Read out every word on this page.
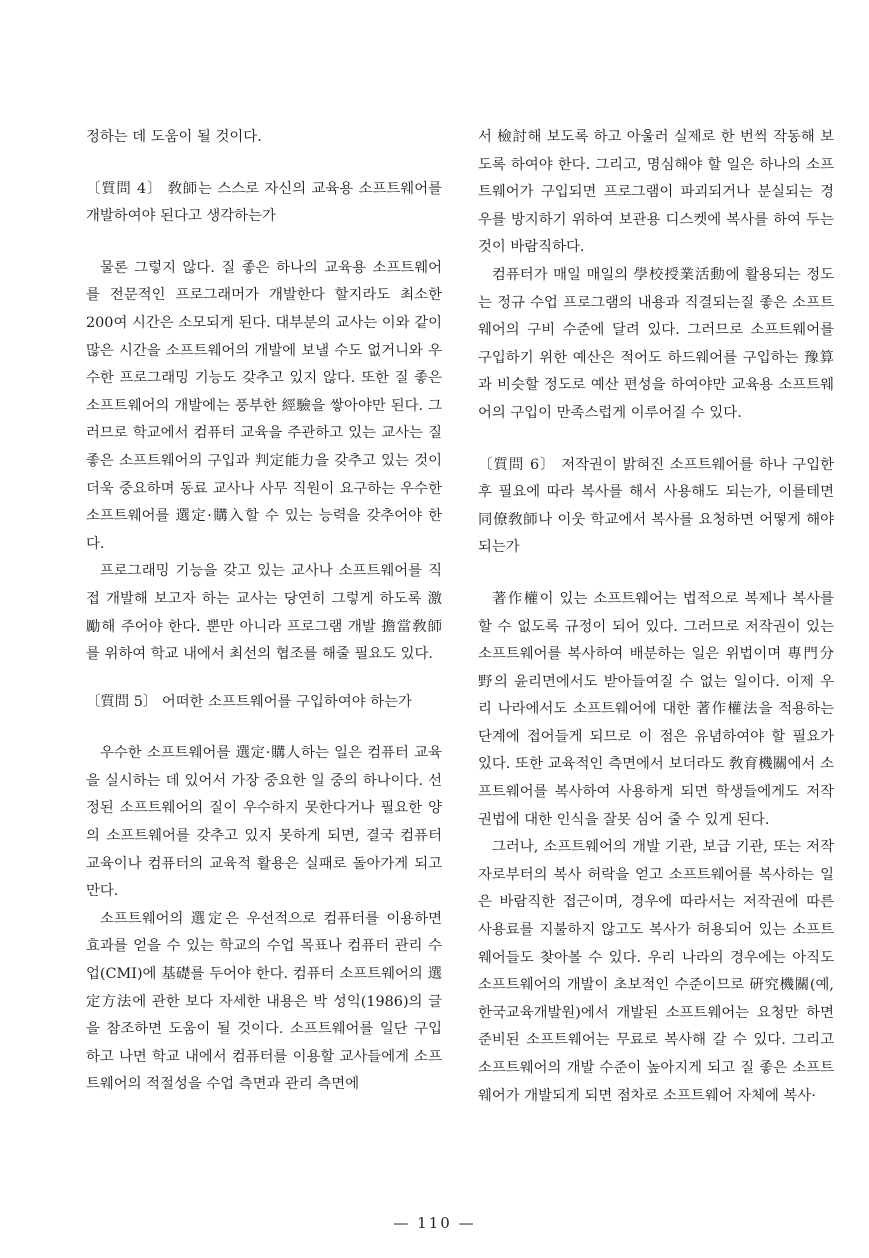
정하는 데 도움이 될 것이다.

〔質問 4〕 敎師는 스스로 자신의 교육용 소프트웨어를 개발하여야 된다고 생각하는가

물론 그렇지 않다. 질 좋은 하나의 교육용 소프트웨어를 전문적인 프로그래머가 개발한다 할지라도 최소한 200여 시간은 소모되게 된다. 대부분의 교사는 이와 같이 많은 시간을 소프트웨어의 개발에 보낼 수도 없거니와 우수한 프로그래밍 기능도 갖추고 있지 않다. 또한 질 좋은 소프트웨어의 개발에는 풍부한 經驗을 쌓아야만 된다. 그러므로 학교에서 컴퓨터 교육을 주관하고 있는 교사는 질 좋은 소프트웨어의 구입과 判定能力을 갖추고 있는 것이 더욱 중요하며 동료 교사나 사무 직원이 요구하는 우수한 소프트웨어를 選定·購入할 수 있는 능력을 갖추어야 한다.

프로그래밍 기능을 갖고 있는 교사나 소프트웨어를 직접 개발해 보고자 하는 교사는 당연히 그렇게 하도록 激勵해 주어야 한다. 뿐만 아니라 프로그램 개발 擔當敎師를 위하여 학교 내에서 최선의 협조를 해줄 필요도 있다.

〔質問 5〕 어떠한 소프트웨어를 구입하여야 하는가

우수한 소프트웨어를 選定·購人하는 일은 컴퓨터 교육을 실시하는 데 있어서 가장 중요한 일 중의 하나이다. 선정된 소프트웨어의 질이 우수하지 못한다거나 필요한 양의 소프트웨어를 갖추고 있지 못하게 되면, 결국 컴퓨터 교육이나 컴퓨터의 교육적 활용은 실패로 돌아가게 되고 만다.

소프트웨어의 選定은 우선적으로 컴퓨터를 이용하면 효과를 얻을 수 있는 학교의 수업 목표나 컴퓨터 관리 수업(CMI)에 基礎를 두어야 한다. 컴퓨터 소프트웨어의 選定方法에 관한 보다 자세한 내용은 박 성익(1986)의 글을 참조하면 도움이 될 것이다. 소프트웨어를 일단 구입하고 나면 학교 내에서 컴퓨터를 이용할 교사들에게 소프트웨어의 적절성을 수업 측면과 관리 측면에

서 檢討해 보도록 하고 아울러 실제로 한 번씩 작동해 보도록 하여야 한다. 그리고, 명심해야 할 일은 하나의 소프트웨어가 구입되면 프로그램이 파괴되거나 분실되는 경우를 방지하기 위하여 보관용 디스켓에 복사를 하여 두는 것이 바람직하다.

컴퓨터가 매일 매일의 學校授業活動에 활용되는 정도는 정규 수업 프로그램의 내용과 직결되는질 좋은 소프트웨어의 구비 수준에 달려 있다. 그러므로 소프트웨어를 구입하기 위한 예산은 적어도 하드웨어를 구입하는 豫算과 비슷할 정도로 예산 편성을 하여야만 교육용 소프트웨어의 구입이 만족스럽게 이루어질 수 있다.

〔質問 6〕 저작권이 밝혀진 소프트웨어를 하나 구입한 후 필요에 따라 복사를 해서 사용해도 되는가, 이를테면 同僚敎師나 이웃 학교에서 복사를 요청하면 어떻게 해야 되는가

著作權이 있는 소프트웨어는 법적으로 복제나 복사를 할 수 없도록 규정이 되어 있다. 그러므로 저작권이 있는 소프트웨어를 복사하여 배분하는 일은 위법이며 專門分野의 윤리면에서도 받아들여질 수 없는 일이다. 이제 우리 나라에서도 소프트웨어에 대한 著作權法을 적용하는 단계에 접어들게 되므로 이 점은 유념하여야 할 필요가 있다. 또한 교육적인 측면에서 보더라도 敎育機關에서 소프트웨어를 복사하여 사용하게 되면 학생들에게도 저작권법에 대한 인식을 잘못 심어 줄 수 있게 된다.

그러나, 소프트웨어의 개발 기관, 보급 기관, 또는 저작자로부터의 복사 허락을 얻고 소프트웨어를 복사하는 일은 바람직한 접근이며, 경우에 따라서는 저작권에 따른 사용료를 지불하지 않고도 복사가 허용되어 있는 소프트웨어들도 찾아볼 수 있다. 우리 나라의 경우에는 아직도 소프트웨어의 개발이 초보적인 수준이므로 硏究機關(예, 한국교육개발원)에서 개발된 소프트웨어는 요청만 하면 준비된 소프트웨어는 무료로 복사해 갈 수 있다. 그리고 소프트웨어의 개발 수준이 높아지게 되고 질 좋은 소프트웨어가 개발되게 되면 점차로 소프트웨어 자체에 복사·

— 110 —
